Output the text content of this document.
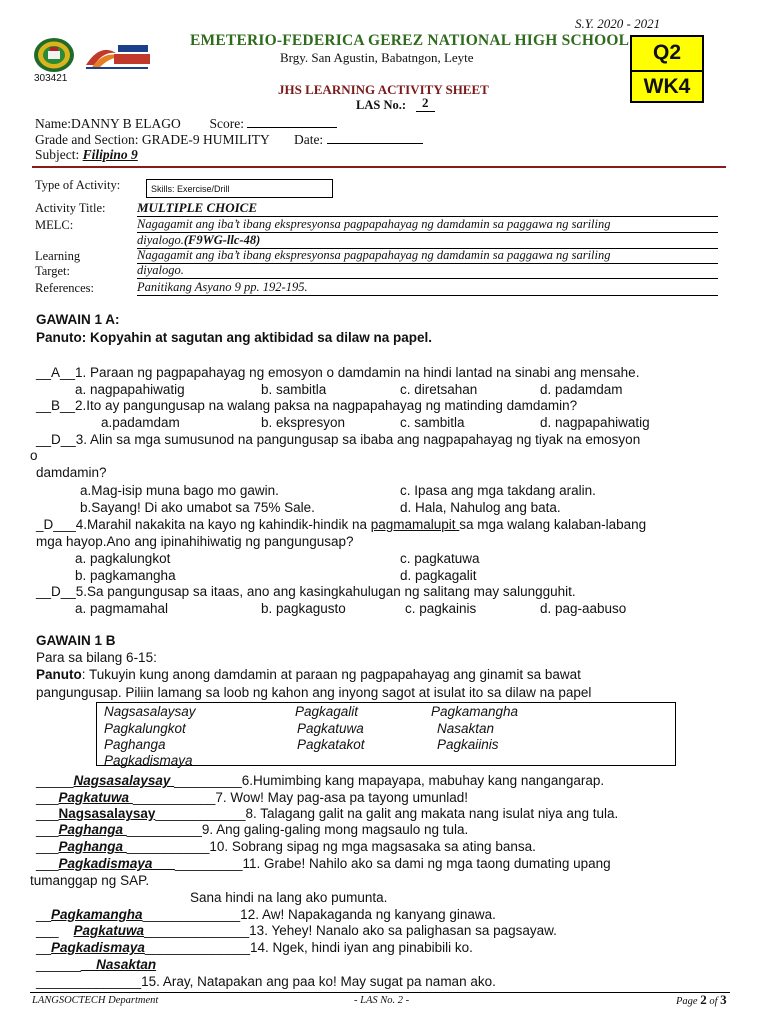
S.Y. 2020 - 2021
303421
EMETERIO-FEDERICA GEREZ NATIONAL HIGH SCHOOL
Brgy. San Agustin, Babatngon, Leyte	Q2
WK4
JHS LEARNING ACTIVITY SHEET
LAS No.:	2
Name:DANNY B ELAGO Score:
Grade and Section: GRADE-9 HUMILITY Date:
Subject: Filipino 9
Type of Activity:	Skills: Exercise/Drill
Activity Title: MULTIPLE CHOICE
MELC:	Nagagamit ang iba’t ibang ekspresyonsa pagpapahayag ng damdamin sa paggawa ng sariling
diyalogo.(F9WG-llc-48)
Learning
Target:
Nagagamit ang iba’t ibang ekspresyonsa pagpapahayag ng damdamin sa paggawa ng sariling
diyalogo.
References:	Panitikang Asyano 9 pp. 192-195.
GAWAIN 1 A:
Panuto: Kopyahin at sagutan ang aktibidad sa dilaw na papel.
__A__1. Paraan ng pagpapahayag ng emosyon o damdamin na hindi lantad na sinabi ang mensahe.
a. nagpapahiwatig	b. sambitla	c. diretsahan	d. padamdam
__B__2.Ito ay pangungusap na walang paksa na nagpapahayag ng matinding damdamin?
a.padamdam	b. ekspresyon	c. sambitla	d. nagpapahiwatig
__D__3. Alin sa mga sumusunod na pangungusap sa ibaba ang nagpapahayag ng tiyak na emosyon
o
damdamin?
a.Mag-isip muna bago mo gawin.	c. Ipasa ang mga takdang aralin.
b.Sayang! Di ako umabot sa 75% Sale.	d. Hala, Nahulog ang bata.
_D___4.Marahil nakakita na kayo ng kahindik-hindik na pagmamalupit sa mga walang kalaban-labang
mga hayop.Ano ang ipinahihiwatig ng pangungusap?
a. pagkalungkot	c. pagkatuwa
b. pagkamangha	d. pagkagalit
__D__5.Sa pangungusap sa itaas, ano ang kasingkahulugan ng salitang may salungguhit.
a. pagmamahal	b. pagkagusto	c. pagkainis	d. pag-aabuso
GAWAIN 1 B
Para sa bilang 6-15:
Panuto: Tukuyin kung anong damdamin at paraan ng pagpapahayag ang ginamit sa bawat
pangungusap. Piliin lamang sa loob ng kahon ang inyong sagot at isulat ito sa dilaw na papel
Nagsasalaysay	Pagkagalit	Pagkamangha
Pagkalungkot	Pagkatuwa	Nasaktan
Paghanga	Pagkatakot	Pagkaiinis
Pagkadismaya
_____Nagsasalaysay _________6.Humimbing kang mapayapa, mabuhay kang nangangarap.
___Pagkatuwa ___________7. Wow! May pag-asa pa tayong umunlad!
___Nagsasalaysay____________8. Talagang galit na galit ang makata nang isulat niya ang tula.
___Paghanga __________9. Ang galing-galing mong magsaulo ng tula.
___Paghanga ___________10. Sobrang sipag ng mga magsasaka sa ating bansa.
___Pagkadismaya____________11. Grabe! Nahilo ako sa dami ng mga taong dumating upang
tumanggap ng SAP.
Sana hindi na lang ako pumunta.
__Pagkamangha_____________12. Aw! Napakaganda ng kanyang ginawa.
___    Pagkatuwa______________13. Yehey! Nanalo ako sa palighasan sa pagsayaw.
__Pagkadismaya______________14. Ngek, hindi iyan ang pinabibili ko.
________Nasaktan
______________15. Aray, Natapakan ang paa ko! May sugat pa naman ako.
LANGSOCTECH Department	- LAS No. 2 -	Page 2 of 3
